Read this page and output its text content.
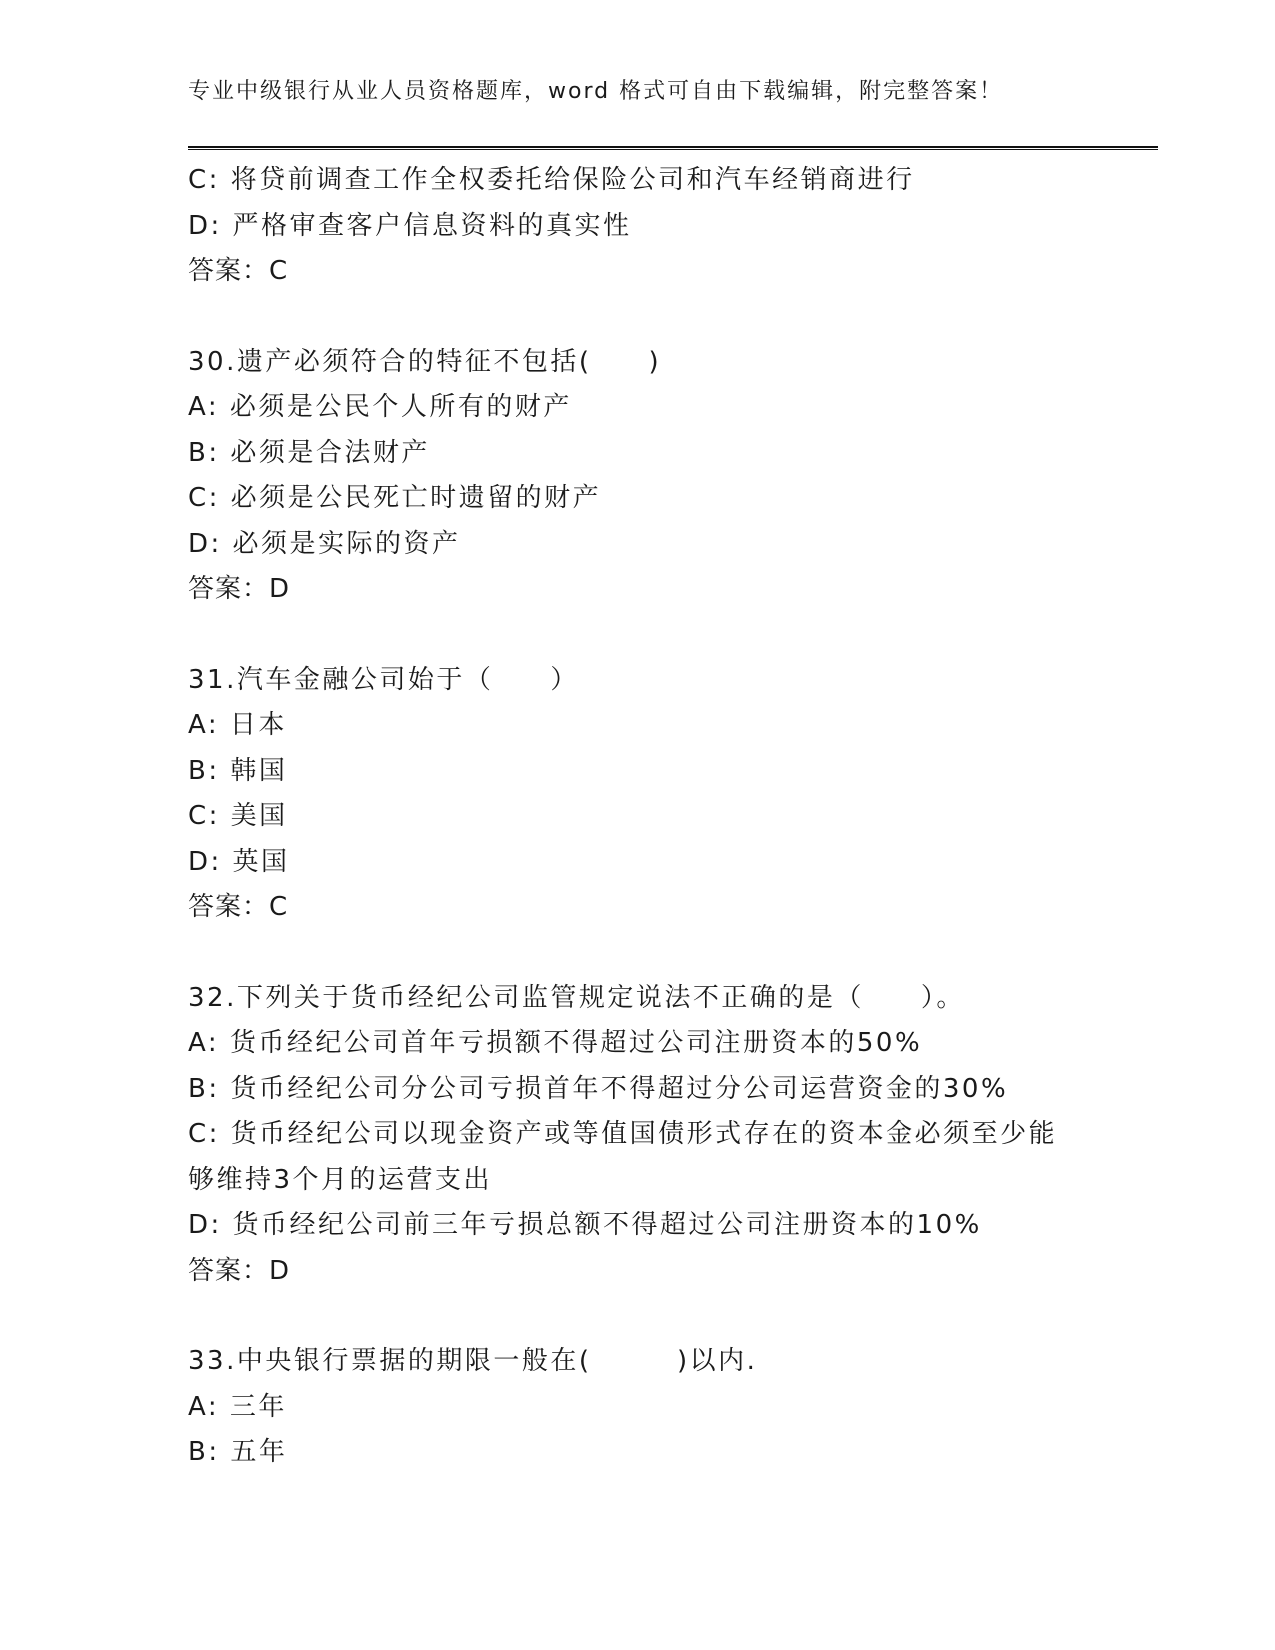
专业中级银行从业人员资格题库，word 格式可自由下载编辑，附完整答案！
C: 将贷前调查工作全权委托给保险公司和汽车经销商进行
D: 严格审查客户信息资料的真实性
答案：C
30.遗产必须符合的特征不包括(　　)
A: 必须是公民个人所有的财产
B: 必须是合法财产
C: 必须是公民死亡时遗留的财产
D: 必须是实际的资产
答案：D
31.汽车金融公司始于（　　）
A: 日本
B: 韩国
C: 美国
D: 英国
答案：C
32.下列关于货币经纪公司监管规定说法不正确的是（　　）。
A: 货币经纪公司首年亏损额不得超过公司注册资本的50%
B: 货币经纪公司分公司亏损首年不得超过分公司运营资金的30%
C: 货币经纪公司以现金资产或等值国债形式存在的资本金必须至少能
够维持3个月的运营支出
D: 货币经纪公司前三年亏损总额不得超过公司注册资本的10%
答案：D
33.中央银行票据的期限一般在(　　　)以内.
A: 三年
B: 五年
